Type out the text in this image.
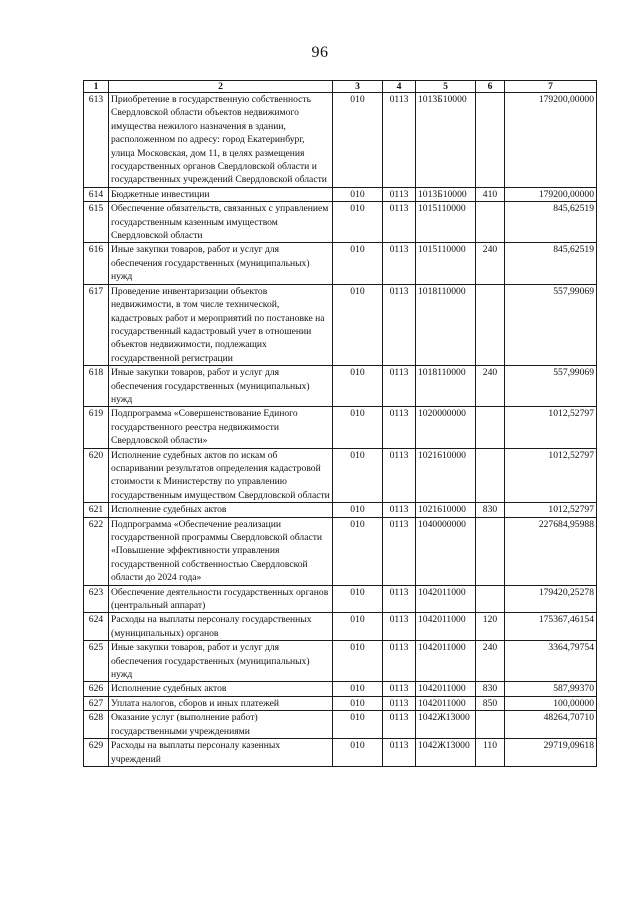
96
1	2	3	4	5	6	7
613	Приобретение в государственную собственность Свердловской области объектов недвижимого имущества нежилого назначения в здании, расположенном по адресу: город Екатеринбург, улица Московская, дом 11, в целях размещения государственных органов Свердловской области и государственных учреждений Свердловской области	010	0113	1013Б10000		179200,00000
614	Бюджетные инвестиции	010	0113	1013Б10000	410	179200,00000
615	Обеспечение обязательств, связанных с управлением государственным казенным имуществом Свердловской области	010	0113	1015110000		845,62519
616	Иные закупки товаров, работ и услуг для обеспечения государственных (муниципальных) нужд	010	0113	1015110000	240	845,62519
617	Проведение инвентаризации объектов недвижимости, в том числе технической, кадастровых работ и мероприятий по постановке на государственный кадастровый учет в отношении объектов недвижимости, подлежащих государственной регистрации	010	0113	1018110000		557,99069
618	Иные закупки товаров, работ и услуг для обеспечения государственных (муниципальных) нужд	010	0113	1018110000	240	557,99069
619	Подпрограмма «Совершенствование Единого государственного реестра недвижимости Свердловской области»	010	0113	1020000000		1012,52797
620	Исполнение судебных актов по искам об оспаривании результатов определения кадастровой стоимости к Министерству по управлению государственным имуществом Свердловской области	010	0113	1021610000		1012,52797
621	Исполнение судебных актов	010	0113	1021610000	830	1012,52797
622	Подпрограмма «Обеспечение реализации государственной программы Свердловской области «Повышение эффективности управления государственной собственностью Свердловской области до 2024 года»	010	0113	1040000000		227684,95988
623	Обеспечение деятельности государственных органов (центральный аппарат)	010	0113	1042011000		179420,25278
624	Расходы на выплаты персоналу государственных (муниципальных) органов	010	0113	1042011000	120	175367,46154
625	Иные закупки товаров, работ и услуг для обеспечения государственных (муниципальных) нужд	010	0113	1042011000	240	3364,79754
626	Исполнение судебных актов	010	0113	1042011000	830	587,99370
627	Уплата налогов, сборов и иных платежей	010	0113	1042011000	850	100,00000
628	Оказание услуг (выполнение работ) государственными учреждениями	010	0113	1042Ж13000		48264,70710
629	Расходы на выплаты персоналу казенных учреждений	010	0113	1042Ж13000	110	29719,09618
